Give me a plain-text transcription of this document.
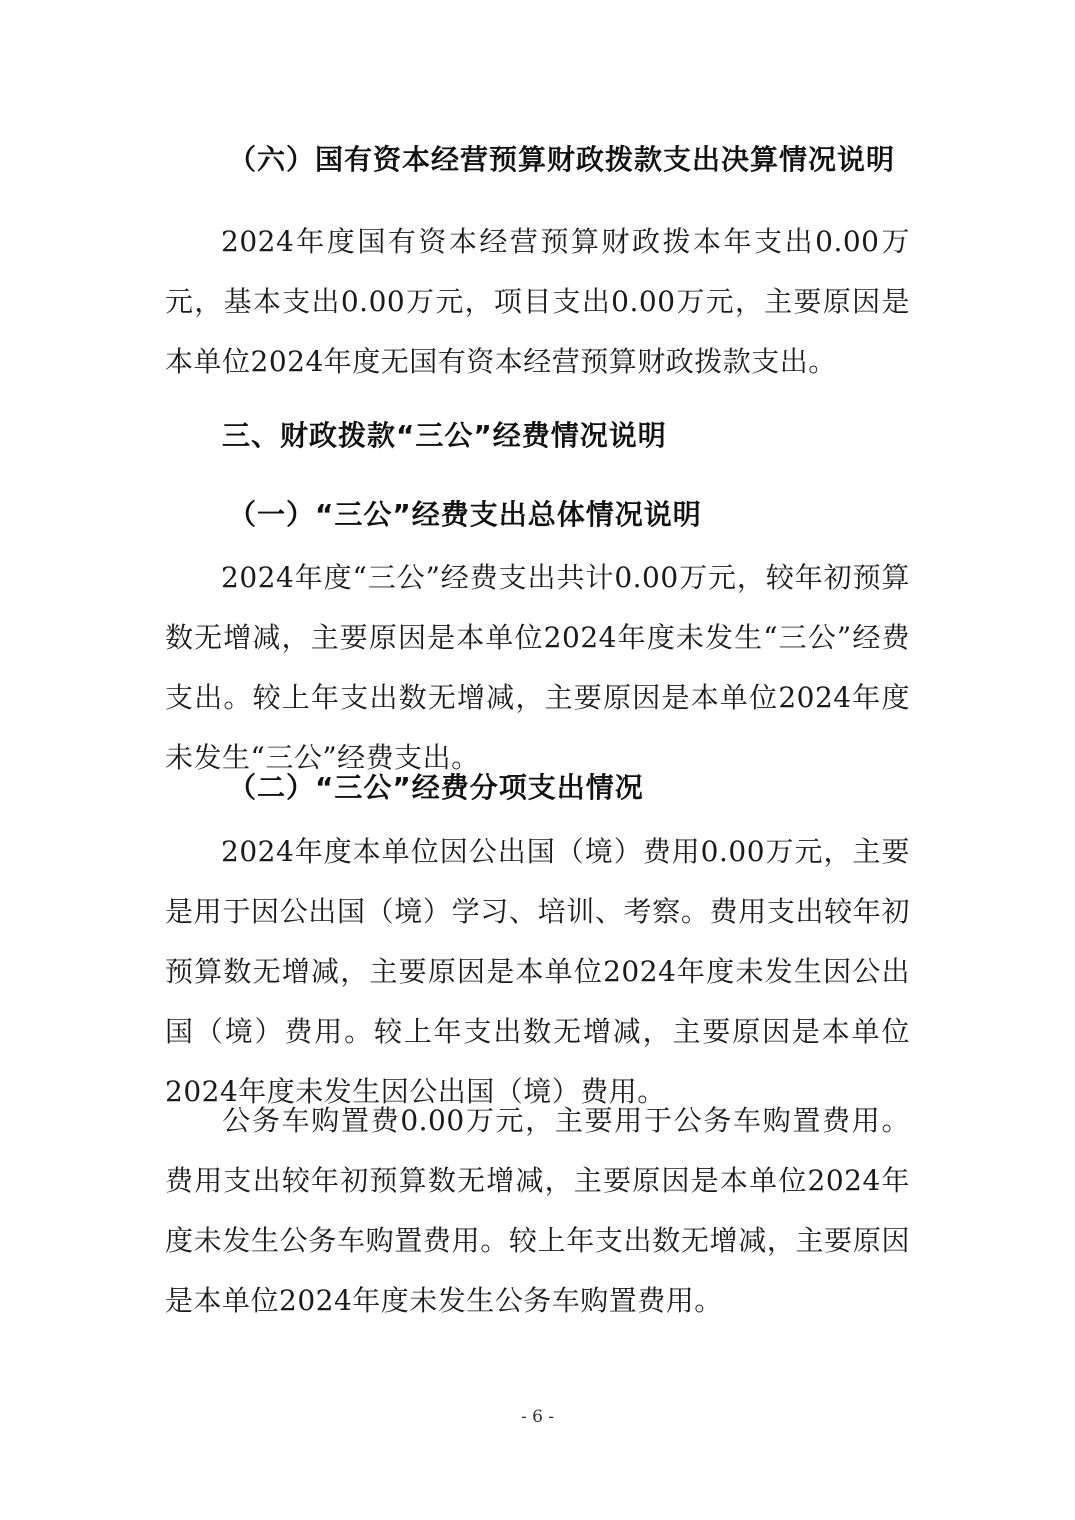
（六）国有资本经营预算财政拨款支出决算情况说明
2024年度国有资本经营预算财政拨本年支出0.00万元，基本支出0.00万元，项目支出0.00万元，主要原因是本单位2024年度无国有资本经营预算财政拨款支出。
三、财政拨款“三公”经费情况说明
（一）“三公”经费支出总体情况说明
2024年度“三公”经费支出共计0.00万元，较年初预算数无增减，主要原因是本单位2024年度未发生“三公”经费支出。较上年支出数无增减，主要原因是本单位2024年度未发生“三公”经费支出。
（二）“三公”经费分项支出情况
2024年度本单位因公出国（境）费用0.00万元，主要是用于因公出国（境）学习、培训、考察。费用支出较年初预算数无增减，主要原因是本单位2024年度未发生因公出国（境）费用。较上年支出数无增减，主要原因是本单位2024年度未发生因公出国（境）费用。
公务车购置费0.00万元，主要用于公务车购置费用。费用支出较年初预算数无增减，主要原因是本单位2024年度未发生公务车购置费用。较上年支出数无增减，主要原因是本单位2024年度未发生公务车购置费用。
- 6 -
